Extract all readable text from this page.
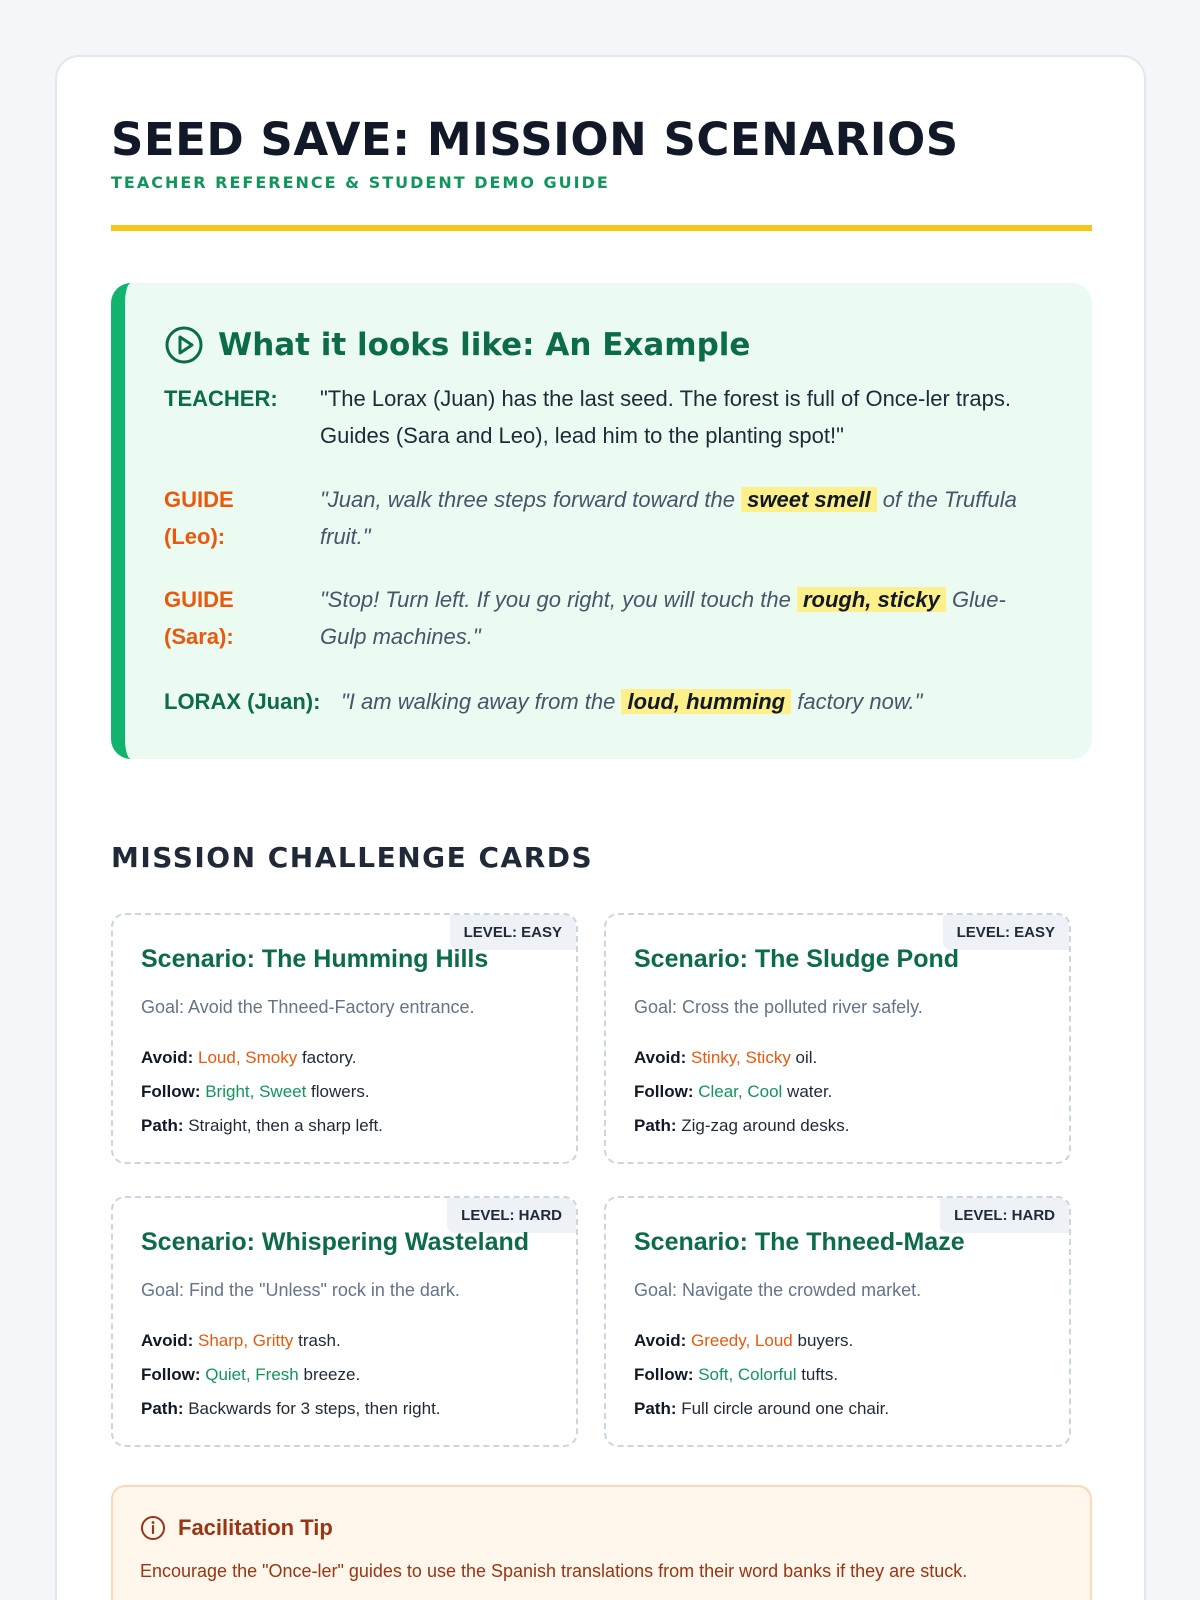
SEED SAVE: MISSION SCENARIOS
TEACHER REFERENCE & STUDENT DEMO GUIDE
What it looks like: An Example
TEACHER:	"The Lorax (Juan) has the last seed. The forest is full of Once-ler traps.
Guides (Sara and Leo), lead him to the planting spot!"
GUIDE
(Leo):
"Juan, walk three steps forward toward the sweet smell of the Truffula
fruit."
GUIDE
(Sara):
"Stop! Turn left. If you go right, you will touch the rough, sticky Glue-
Gulp machines."
LORAX (Juan): "I am walking away from the loud, humming factory now."
MISSION CHALLENGE CARDS
LEVEL: EASY
Scenario: The Humming Hills
Goal: Avoid the Thneed-Factory entrance.
Avoid: Loud, Smoky factory.
Follow: Bright, Sweet flowers.
Path: Straight, then a sharp left.
LEVEL: EASY
Scenario: The Sludge Pond
Goal: Cross the polluted river safely.
Avoid: Stinky, Sticky oil.
Follow: Clear, Cool water.
Path: Zig-zag around desks.
LEVEL: HARD
Scenario: Whispering Wasteland
Goal: Find the "Unless" rock in the dark.
Avoid: Sharp, Gritty trash.
Follow: Quiet, Fresh breeze.
Path: Backwards for 3 steps, then right.
LEVEL: HARD
Scenario: The Thneed-Maze
Goal: Navigate the crowded market.
Avoid: Greedy, Loud buyers.
Follow: Soft, Colorful tufts.
Path: Full circle around one chair.
Facilitation Tip
Encourage the "Once-ler" guides to use the Spanish translations from their word banks if they are stuck.
